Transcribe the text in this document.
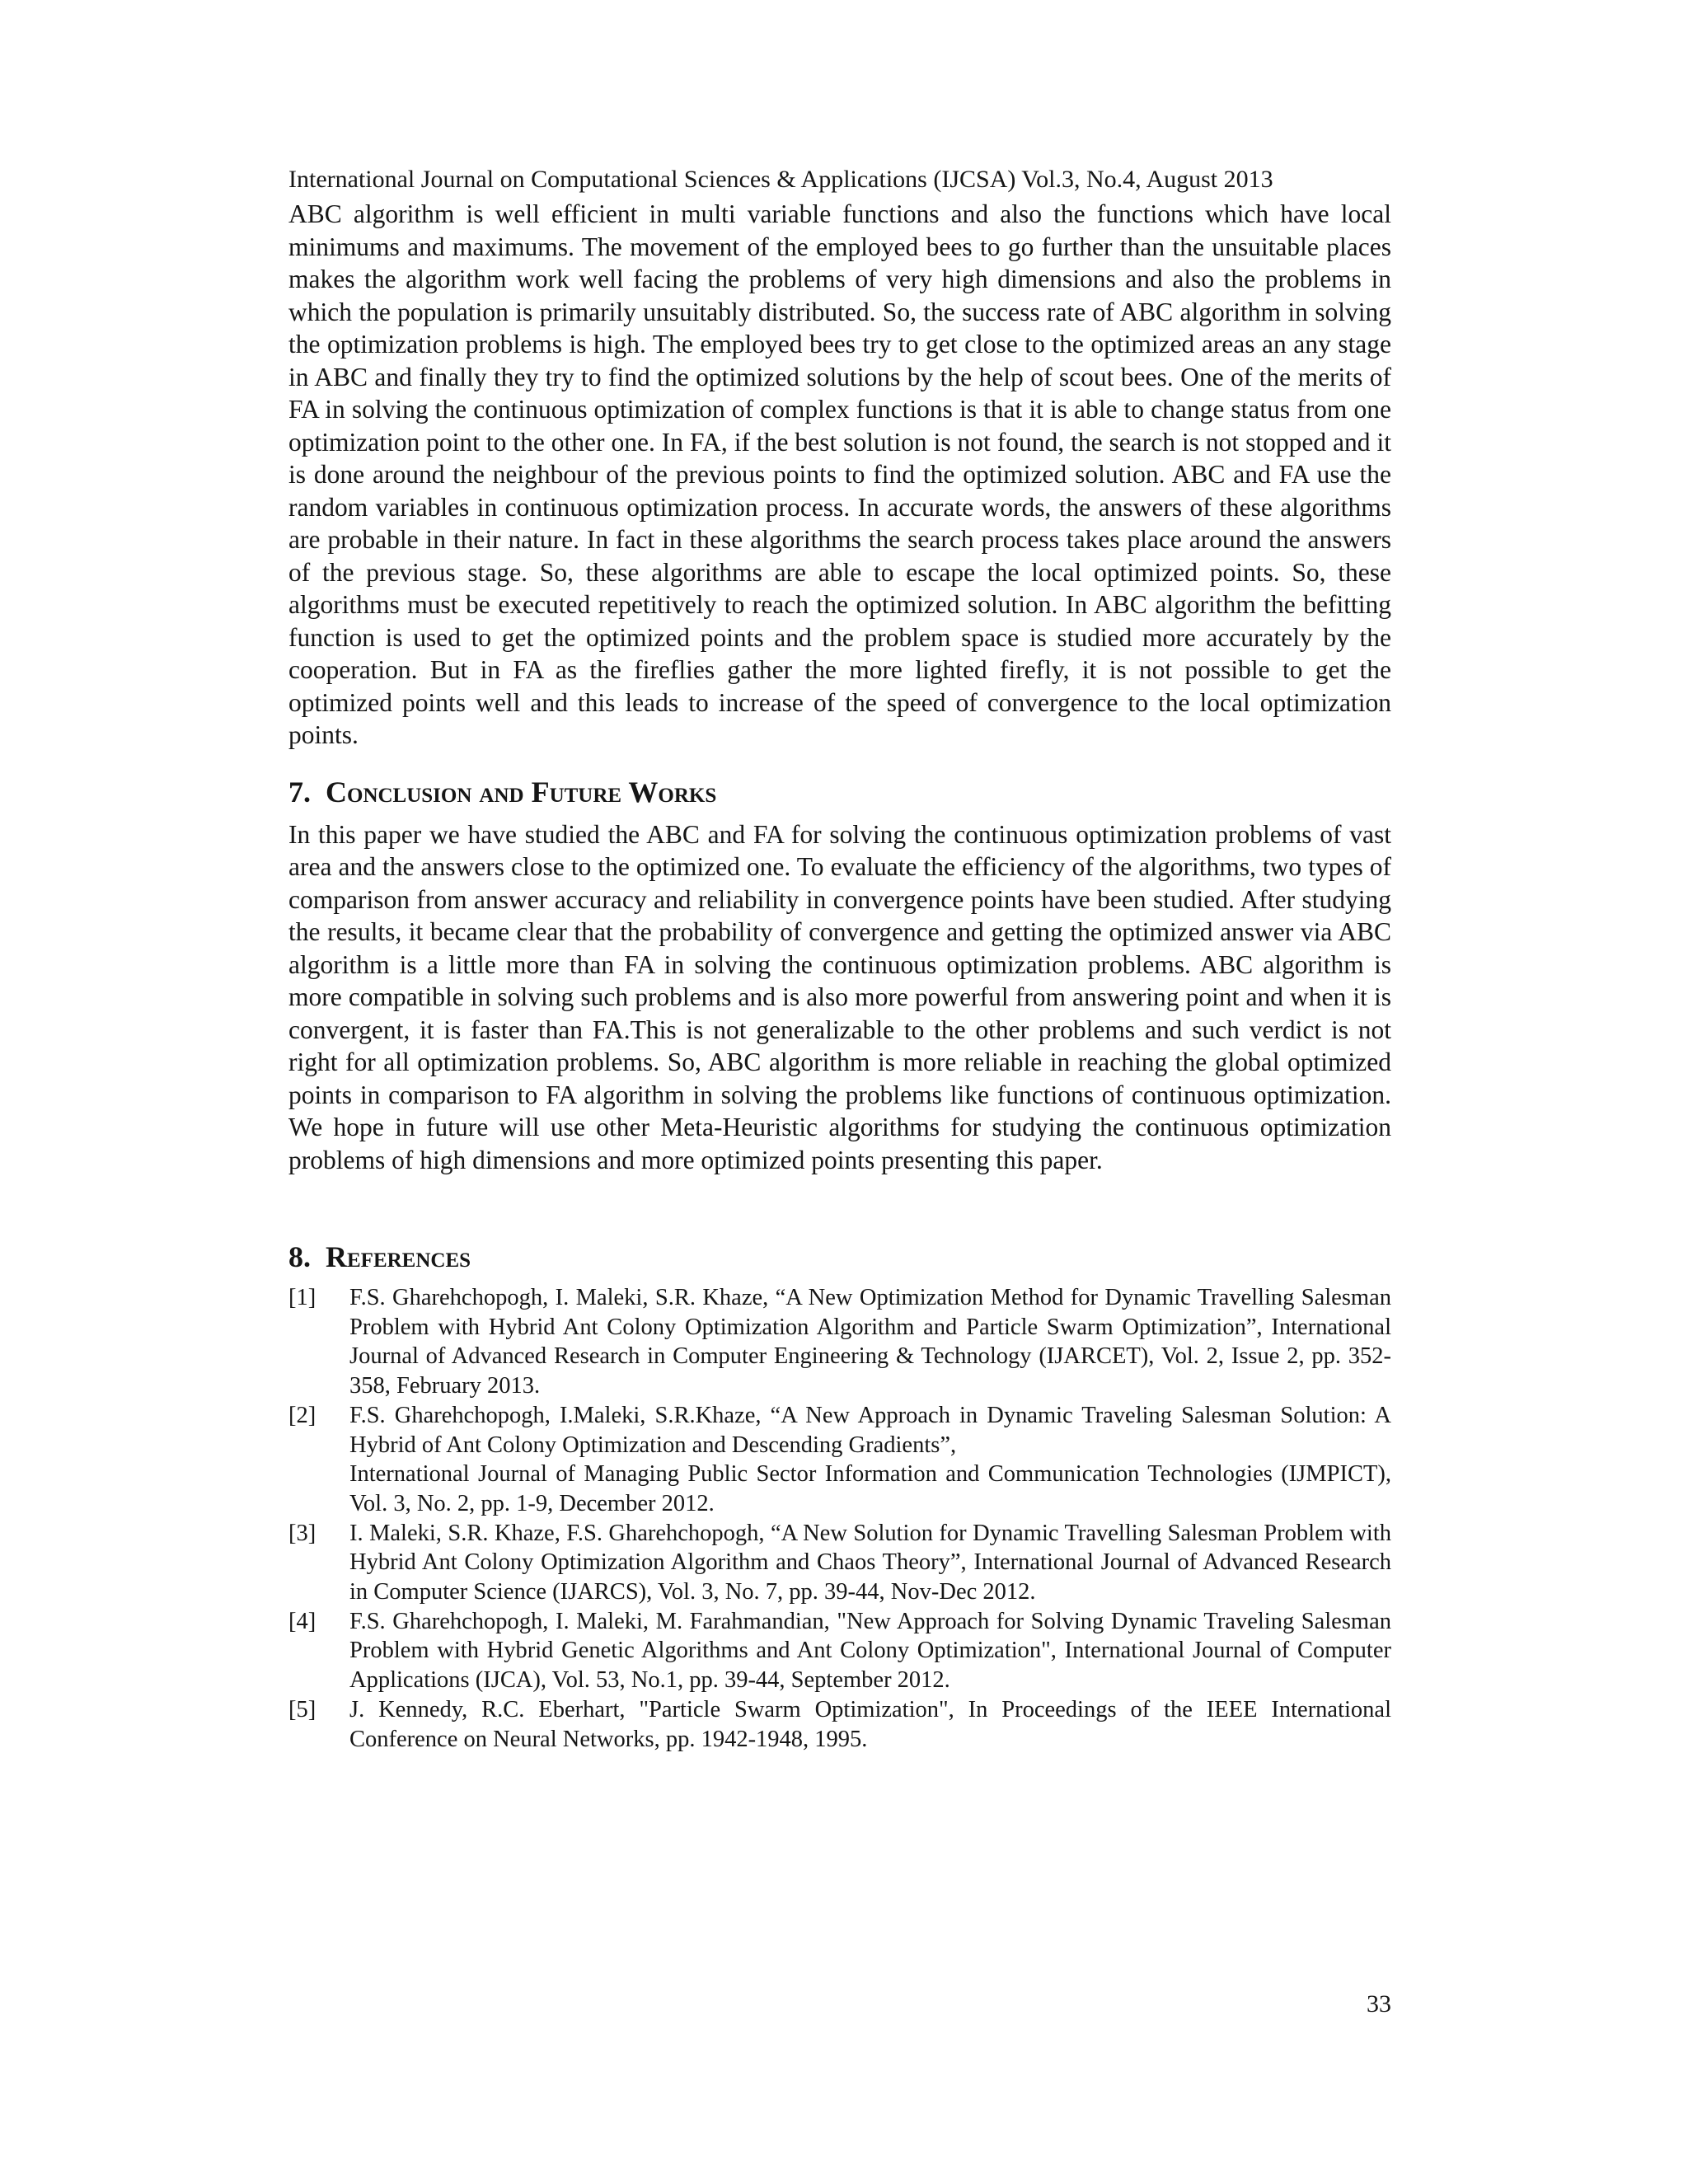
International Journal on Computational Sciences & Applications (IJCSA) Vol.3, No.4, August 2013

ABC algorithm is well efficient in multi variable functions and also the functions which have local minimums and maximums. The movement of the employed bees to go further than the unsuitable places makes the algorithm work well facing the problems of very high dimensions and also the problems in which the population is primarily unsuitably distributed. So, the success rate of ABC algorithm in solving the optimization problems is high. The employed bees try to get close to the optimized areas an any stage in ABC and finally they try to find the optimized solutions by the help of scout bees. One of the merits of FA in solving the continuous optimization of complex functions is that it is able to change status from one optimization point to the other one. In FA, if the best solution is not found, the search is not stopped and it is done around the neighbour of the previous points to find the optimized solution. ABC and FA use the random variables in continuous optimization process. In accurate words, the answers of these algorithms are probable in their nature. In fact in these algorithms the search process takes place around the answers of the previous stage. So, these algorithms are able to escape the local optimized points. So, these algorithms must be executed repetitively to reach the optimized solution. In ABC algorithm the befitting function is used to get the optimized points and the problem space is studied more accurately by the cooperation. But in FA as the fireflies gather the more lighted firefly, it is not possible to get the optimized points well and this leads to increase of the speed of convergence to the local optimization points.

7. Conclusion and Future Works

In this paper we have studied the ABC and FA for solving the continuous optimization problems of vast area and the answers close to the optimized one. To evaluate the efficiency of the algorithms, two types of comparison from answer accuracy and reliability in convergence points have been studied. After studying the results, it became clear that the probability of convergence and getting the optimized answer via ABC algorithm is a little more than FA in solving the continuous optimization problems. ABC algorithm is more compatible in solving such problems and is also more powerful from answering point and when it is convergent, it is faster than FA.This is not generalizable to the other problems and such verdict is not right for all optimization problems. So, ABC algorithm is more reliable in reaching the global optimized points in comparison to FA algorithm in solving the problems like functions of continuous optimization. We hope in future will use other Meta-Heuristic algorithms for studying the continuous optimization problems of high dimensions and more optimized points presenting this paper.

8. References
[1]	F.S. Gharehchopogh, I. Maleki, S.R. Khaze, “A New Optimization Method for Dynamic Travelling Salesman Problem with Hybrid Ant Colony Optimization Algorithm and Particle Swarm Optimization”, International Journal of Advanced Research in Computer Engineering & Technology (IJARCET), Vol. 2, Issue 2, pp. 352-358, February 2013.
[2]	F.S. Gharehchopogh, I.Maleki, S.R.Khaze, “A New Approach in Dynamic Traveling Salesman Solution: A Hybrid of Ant Colony Optimization and Descending Gradients”,
International Journal of Managing Public Sector Information and Communication Technologies (IJMPICT), Vol. 3, No. 2, pp. 1-9, December 2012.
[3]	I. Maleki, S.R. Khaze, F.S. Gharehchopogh, “A New Solution for Dynamic Travelling Salesman Problem with Hybrid Ant Colony Optimization Algorithm and Chaos Theory”, International Journal of Advanced Research in Computer Science (IJARCS), Vol. 3, No. 7, pp. 39-44, Nov-Dec 2012.
[4]	F.S. Gharehchopogh, I. Maleki, M. Farahmandian, "New Approach for Solving Dynamic Traveling Salesman Problem with Hybrid Genetic Algorithms and Ant Colony Optimization", International Journal of Computer Applications (IJCA), Vol. 53, No.1, pp. 39-44, September 2012.
[5]	J. Kennedy, R.C. Eberhart, "Particle Swarm Optimization", In Proceedings of the IEEE International Conference on Neural Networks, pp. 1942-1948, 1995.
33
